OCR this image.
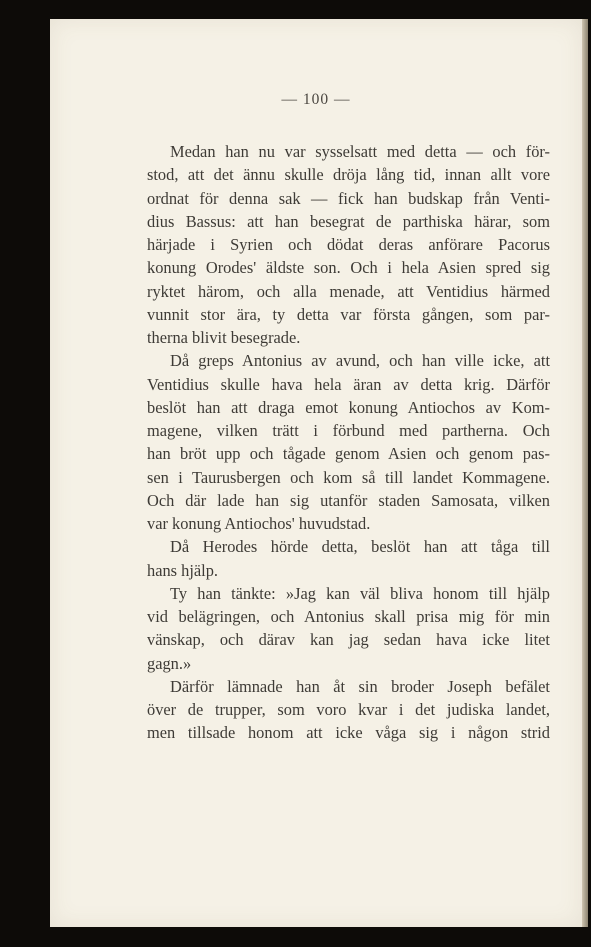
— 100 —
Medan han nu var sysselsatt med detta — och för-
stod, att det ännu skulle dröja lång tid, innan allt vore
ordnat för denna sak — fick han budskap från Venti-
dius Bassus: att han besegrat de parthiska härar, som
härjade i Syrien och dödat deras anförare Pacorus
konung Orodes' äldste son. Och i hela Asien spred sig
ryktet härom, och alla menade, att Ventidius härmed
vunnit stor ära, ty detta var första gången, som par-
therna blivit besegrade.
Då greps Antonius av avund, och han ville icke, att
Ventidius skulle hava hela äran av detta krig. Därför
beslöt han att draga emot konung Antiochos av Kom-
magene, vilken trätt i förbund med partherna. Och
han bröt upp och tågade genom Asien och genom pas-
sen i Taurusbergen och kom så till landet Kommagene.
Och där lade han sig utanför staden Samosata, vilken
var konung Antiochos' huvudstad.
Då Herodes hörde detta, beslöt han att tåga till
hans hjälp.
Ty han tänkte: »Jag kan väl bliva honom till hjälp
vid belägringen, och Antonius skall prisa mig för min
vänskap, och därav kan jag sedan hava icke litet
gagn.»
Därför lämnade han åt sin broder Joseph befälet
över de trupper, som voro kvar i det judiska landet,
men tillsade honom att icke våga sig i någon strid
